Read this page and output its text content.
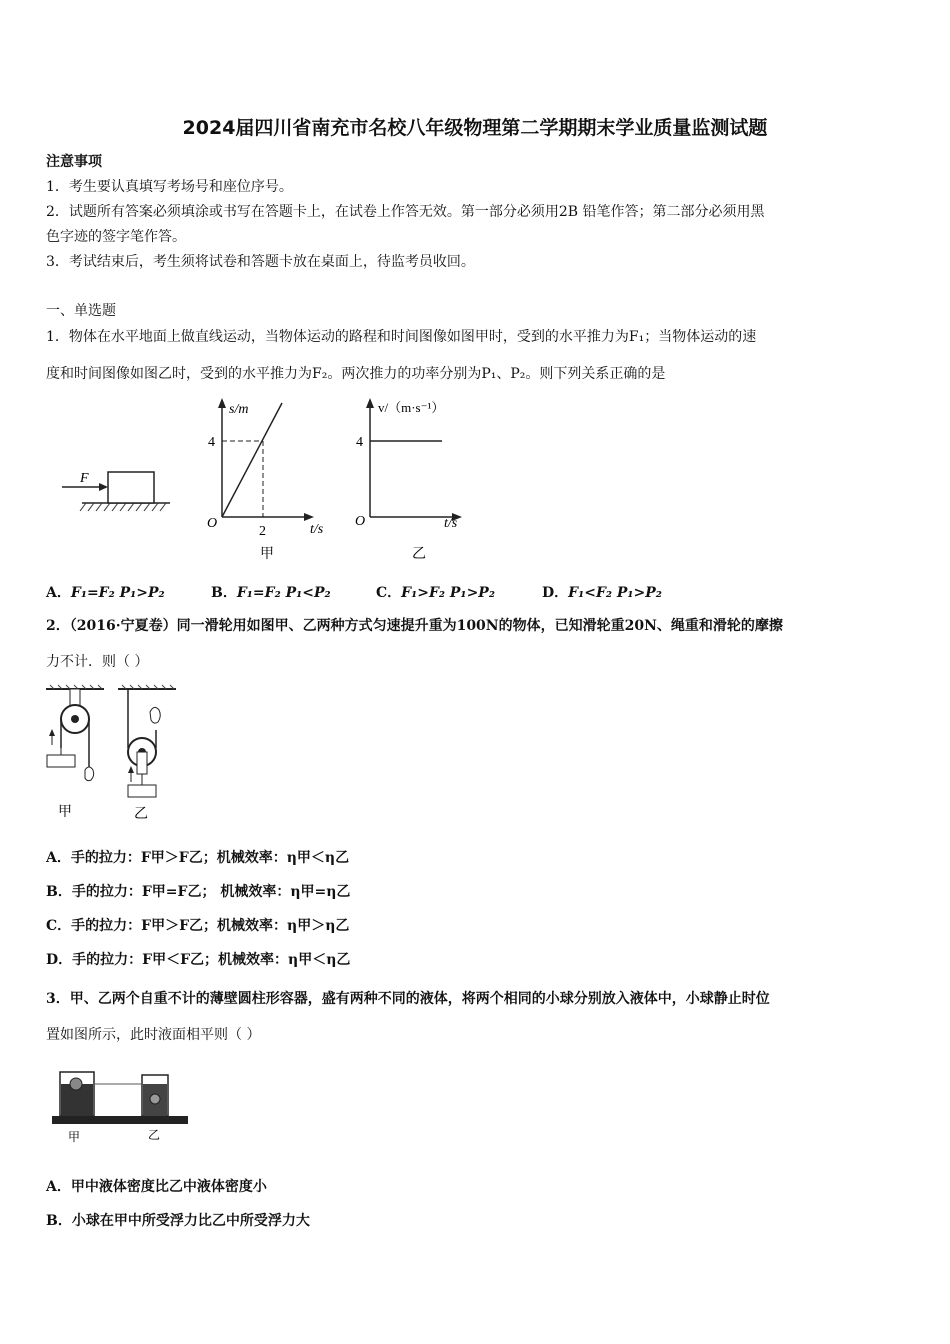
2024届四川省南充市名校八年级物理第二学期期末学业质量监测试题
注意事项
1．考生要认真填写考场号和座位序号。
2．试题所有答案必须填涂或书写在答题卡上，在试卷上作答无效。第一部分必须用2B 铅笔作答；第二部分必须用黑
色字迹的签字笔作答。
3．考试结束后，考生须将试卷和答题卡放在桌面上，待监考员收回。
一、单选题
1．物体在水平地面上做直线运动，当物体运动的路程和时间图像如图甲时，受到的水平推力为F₁；当物体运动的速
度和时间图像如图乙时，受到的水平推力为F₂。两次推力的功率分别为P₁、P₂。则下列关系正确的是
F
s/m
t/s
O
4
2
甲
v/（m·s⁻¹）
t/s
O
4
乙
A．F₁=F₂ P₁>P₂	B．F₁=F₂ P₁<P₂	C．F₁>F₂ P₁>P₂	D．F₁<F₂ P₁>P₂
2．（2016·宁夏卷）同一滑轮用如图甲、乙两种方式匀速提升重为100N的物体，已知滑轮重20N、绳重和滑轮的摩擦
力不计．则（ ）
甲	乙
A．手的拉力：F甲＞F乙；机械效率：η甲＜η乙
B．手的拉力：F甲=F乙； 机械效率：η甲=η乙
C．手的拉力：F甲＞F乙；机械效率：η甲＞η乙
D．手的拉力：F甲＜F乙；机械效率：η甲＜η乙
3．甲、乙两个自重不计的薄壁圆柱形容器，盛有两种不同的液体，将两个相同的小球分别放入液体中，小球静止时位
置如图所示，此时液面相平则（ ）
甲	乙
A．甲中液体密度比乙中液体密度小
B．小球在甲中所受浮力比乙中所受浮力大
